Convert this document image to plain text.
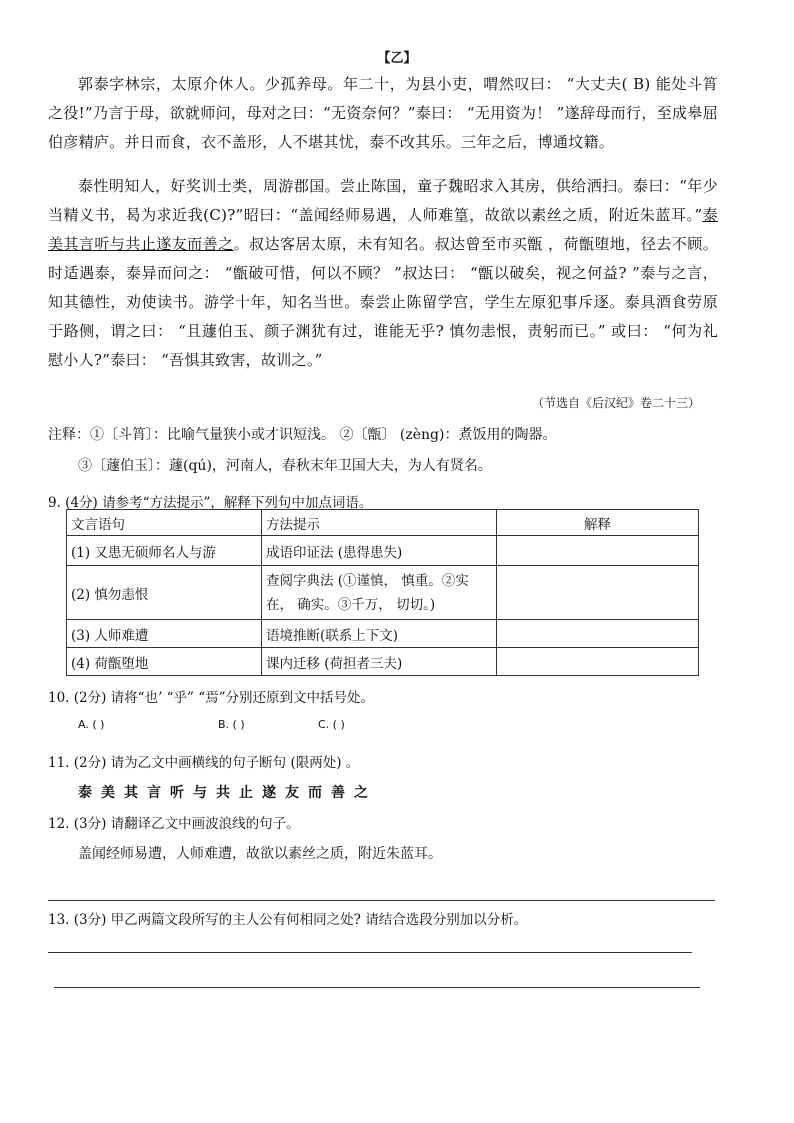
【乙】
郭泰字林宗，太原介休人。少孤养母。年二十，为县小吏，喟然叹曰： “大丈夫( B) 能处斗筲 之役!”乃言于母，欲就师问，母对之曰：“无资奈何？”泰曰： “无用资为！ ”遂辞母而行，至成皋屈伯彦精庐。并日而食，衣不盖形，人不堪其忧，泰不改其乐。三年之后，博通坟籍。
泰性明知人，好奖训士类，周游郡国。尝止陈国，童子魏昭求入其房，供给洒扫。泰曰：“年少当精义书，曷为求近我(C)?”昭曰：“盖闻经师易遇，人师难篁，故欲以素丝之质，附近朱蓝耳。”泰美其言听与共止遂友而善之。叔达客居太原，未有知名。叔达曾至市买甑 ，荷甑堕地，径去不顾。时适遇泰，泰异而问之： “甑破可惜，何以不顾？ ”叔达曰： “甑以破矣，视之何益? ”泰与之言，知其德性，劝使读书。游学十年，知名当世。泰尝止陈留学宫，学生左原犯事斥逐。泰具酒食劳原于路侧，谓之曰： “且蘧伯玉、颜子渊犹有过，谁能无乎? 慎勿恚恨，责躬而已。” 或曰： “何为礼慰小人?”泰曰： “吾惧其致害，故训之。”
（节选自《后汉纪》卷二十三）
注释：①〔斗筲〕：比喻气量狭小或才识短浅。 ②〔甑〕 (zèng)：煮饭用的陶器。
③〔蘧伯玉〕：蘧(qú)，河南人，春秋末年卫国大夫，为人有贤名。
9. (4分) 请参考“方法提示”，解释下列句中加点词语。
文言语句	方法提示	解释
(1) 又患无硕师名人与游	成语印证法 (患得患失)	
(2) 慎勿恚恨	查阅字典法 (①谨慎， 慎重。②实在， 确实。③千万， 切切。)	
(3) 人师难遭	语境推断(联系上下文)	
(4) 荷甑堕地	课内迁移 (荷担者三夫)	
10. (2分) 请将“也’ “乎” “焉”分别还原到文中括号处。
A. ( )	B. ( )	C. ( )
11. (2分) 请为乙文中画横线的句子断句 (限两处) 。
泰美其言听与共止遂友而善之
12. (3分) 请翻译乙文中画波浪线的句子。
盖闻经师易遭，人师难遭，故欲以素丝之质，附近朱蓝耳。
13. (3分) 甲乙两篇文段所写的主人公有何相同之处? 请结合选段分别加以分析。
